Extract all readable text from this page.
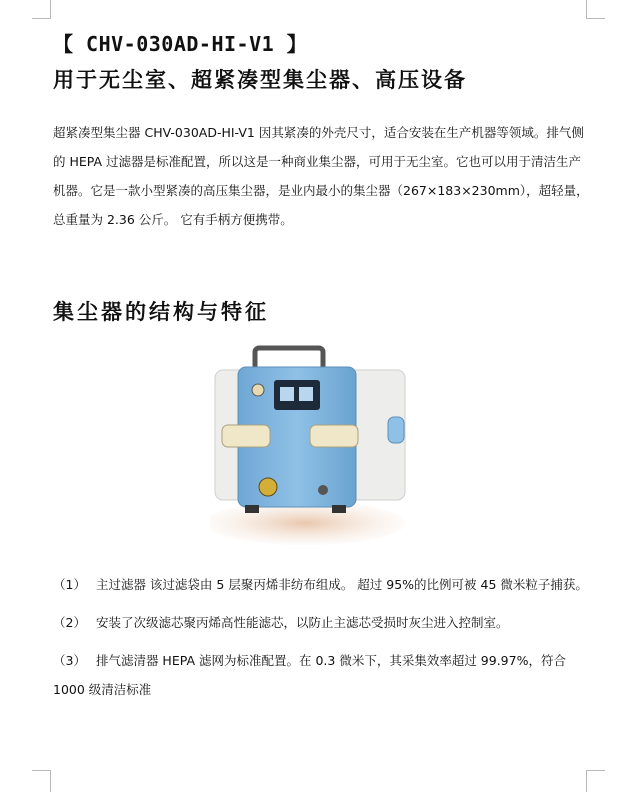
【 CHV-030AD-HI-V1 】
用于无尘室、超紧凑型集尘器、高压设备

超紧凑型集尘器 CHV-030AD-HI-V1 因其紧凑的外壳尺寸，适合安装在生产机器等领域。排气侧的 HEPA 过滤器是标准配置，所以这是一种商业集尘器，可用于无尘室。它也可以用于清洁生产机器。它是一款小型紧凑的高压集尘器，是业内最小的集尘器（267×183×230mm），超轻量，总重量为 2.36 公斤。 它有手柄方便携带。

集尘器的结构与特征

（1） 主过滤器 该过滤袋由 5 层聚丙烯非纺布组成。 超过 95%的比例可被 45 微米粒子捕获。

（2） 安装了次级滤芯聚丙烯高性能滤芯，以防止主滤芯受损时灰尘进入控制室。

（3） 排气滤清器 HEPA 滤网为标准配置。在 0.3 微米下，其采集效率超过 99.97%，符合 1000 级清洁标准
